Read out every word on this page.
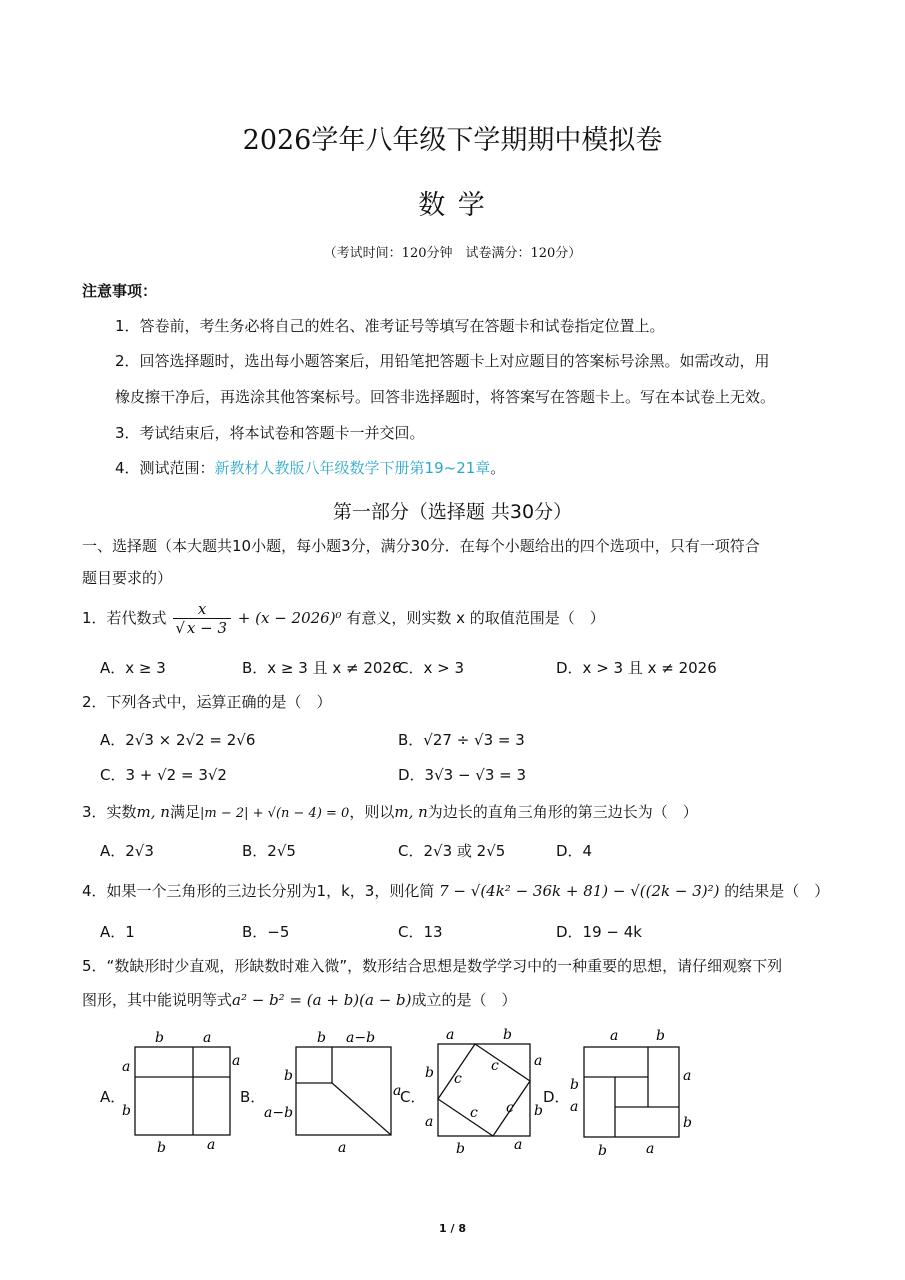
2026学年八年级下学期期中模拟卷
数 学
（考试时间：120分钟　试卷满分：120分）
注意事项：
1．答卷前，考生务必将自己的姓名、准考证号等填写在答题卡和试卷指定位置上。
2．回答选择题时，选出每小题答案后，用铅笔把答题卡上对应题目的答案标号涂黑。如需改动，用
橡皮擦干净后，再选涂其他答案标号。回答非选择题时，将答案写在答题卡上。写在本试卷上无效。
3．考试结束后，将本试卷和答题卡一并交回。
4．测试范围：新教材人教版八年级数学下册第19~21章。
第一部分（选择题 共30分）
一、选择题（本大题共10小题，每小题3分，满分30分．在每个小题给出的四个选项中，只有一项符合
题目要求的）
1．若代数式 $\frac{x}{√ x - 3} + (x - 2026)^0$ 有意义，则实数 x 的取值范围是（　）
A．x ≥ 3	B．x ≥ 3 且 x ≠ 2026
C．x > 3	D．x > 3 且 x ≠ 2026
2．下列各式中，运算正确的是（　）
A．2√3 × 2√2 = 2√6	B．√27 ÷ √3 = 3
C．3 + √2 = 3√2	D．3√3 − √3 = 3
3．实数m, n满足|m − 2| + √(n − 4) = 0，则以m, n为边长的直角三角形的第三边长为（　）
A．2√3	B．2√5	C．2√3 或 2√5	D．4
4．如果一个三角形的三边长分别为1，k，3，则化简 7 − √(4k² − 36k + 81) − √((2k − 3)²) 的结果是（　）
A．1	B．−5	C．13	D．19 − 4k
5．“数缺形时少直观，形缺数时难入微”，数形结合思想是数学学习中的一种重要的思想，请仔细观察下列
图形，其中能说明等式a² − b² = (a + b)(a − b)成立的是（　）
A．	B．	C．	D．
b	a
a
b
a
b	a
b a−b
b
a−b
a
a
a	b
b
a
a
b
c
c
c c
b	a
a	b
b
a
a
b
b	a
1 / 8
